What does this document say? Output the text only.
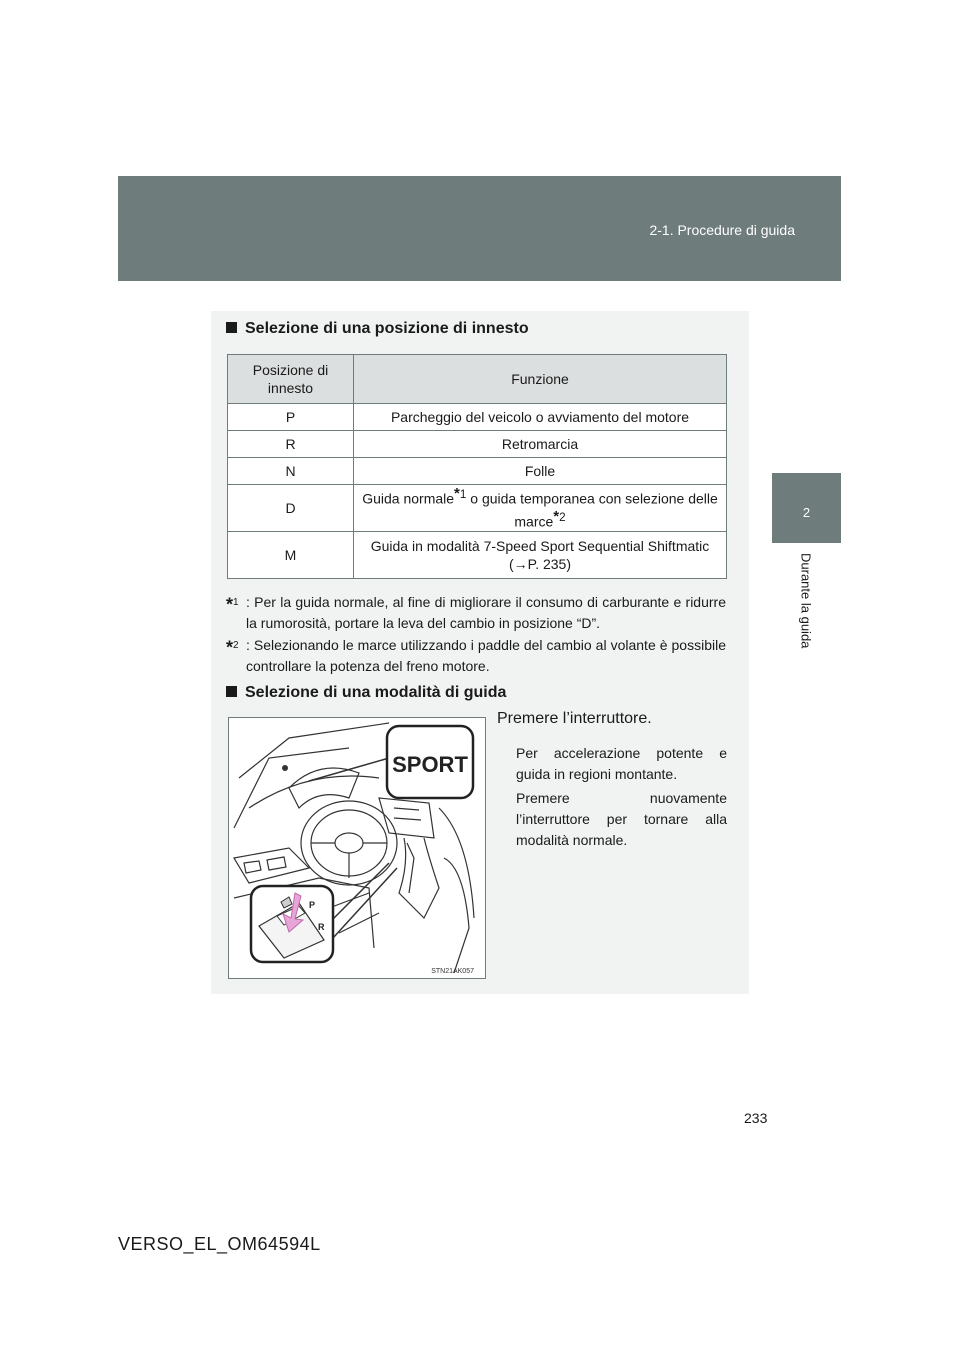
2-1. Procedure di guida
2
Durante la guida
Selezione di una posizione di innesto
Posizione di innesto	Funzione
P	Parcheggio del veicolo o avviamento del motore
R	Retromarcia
N	Folle
D	Guida normale$^{*1}$ o guida temporanea con selezione delle marce$^{*2}$
M	Guida in modalità 7-Speed Sport Sequential Shiftmatic (→P. 235)
*$^1$ : Per la guida normale, al fine di migliorare il consumo di carburante e ridurre la rumorosità, portare la leva del cambio in posizione “D”.
*$^2$ : Selezionando le marce utilizzando i paddle del cambio al volante è possibile controllare la potenza del freno motore.
Selezione di una modalità di guida
SPORT
P
R
STN21AK057
Premere l’interruttore.
Per accelerazione potente e guida in regioni montante.
Premere nuovamente l’interruttore per tornare alla modalità normale.
233
VERSO_EL_OM64594L
